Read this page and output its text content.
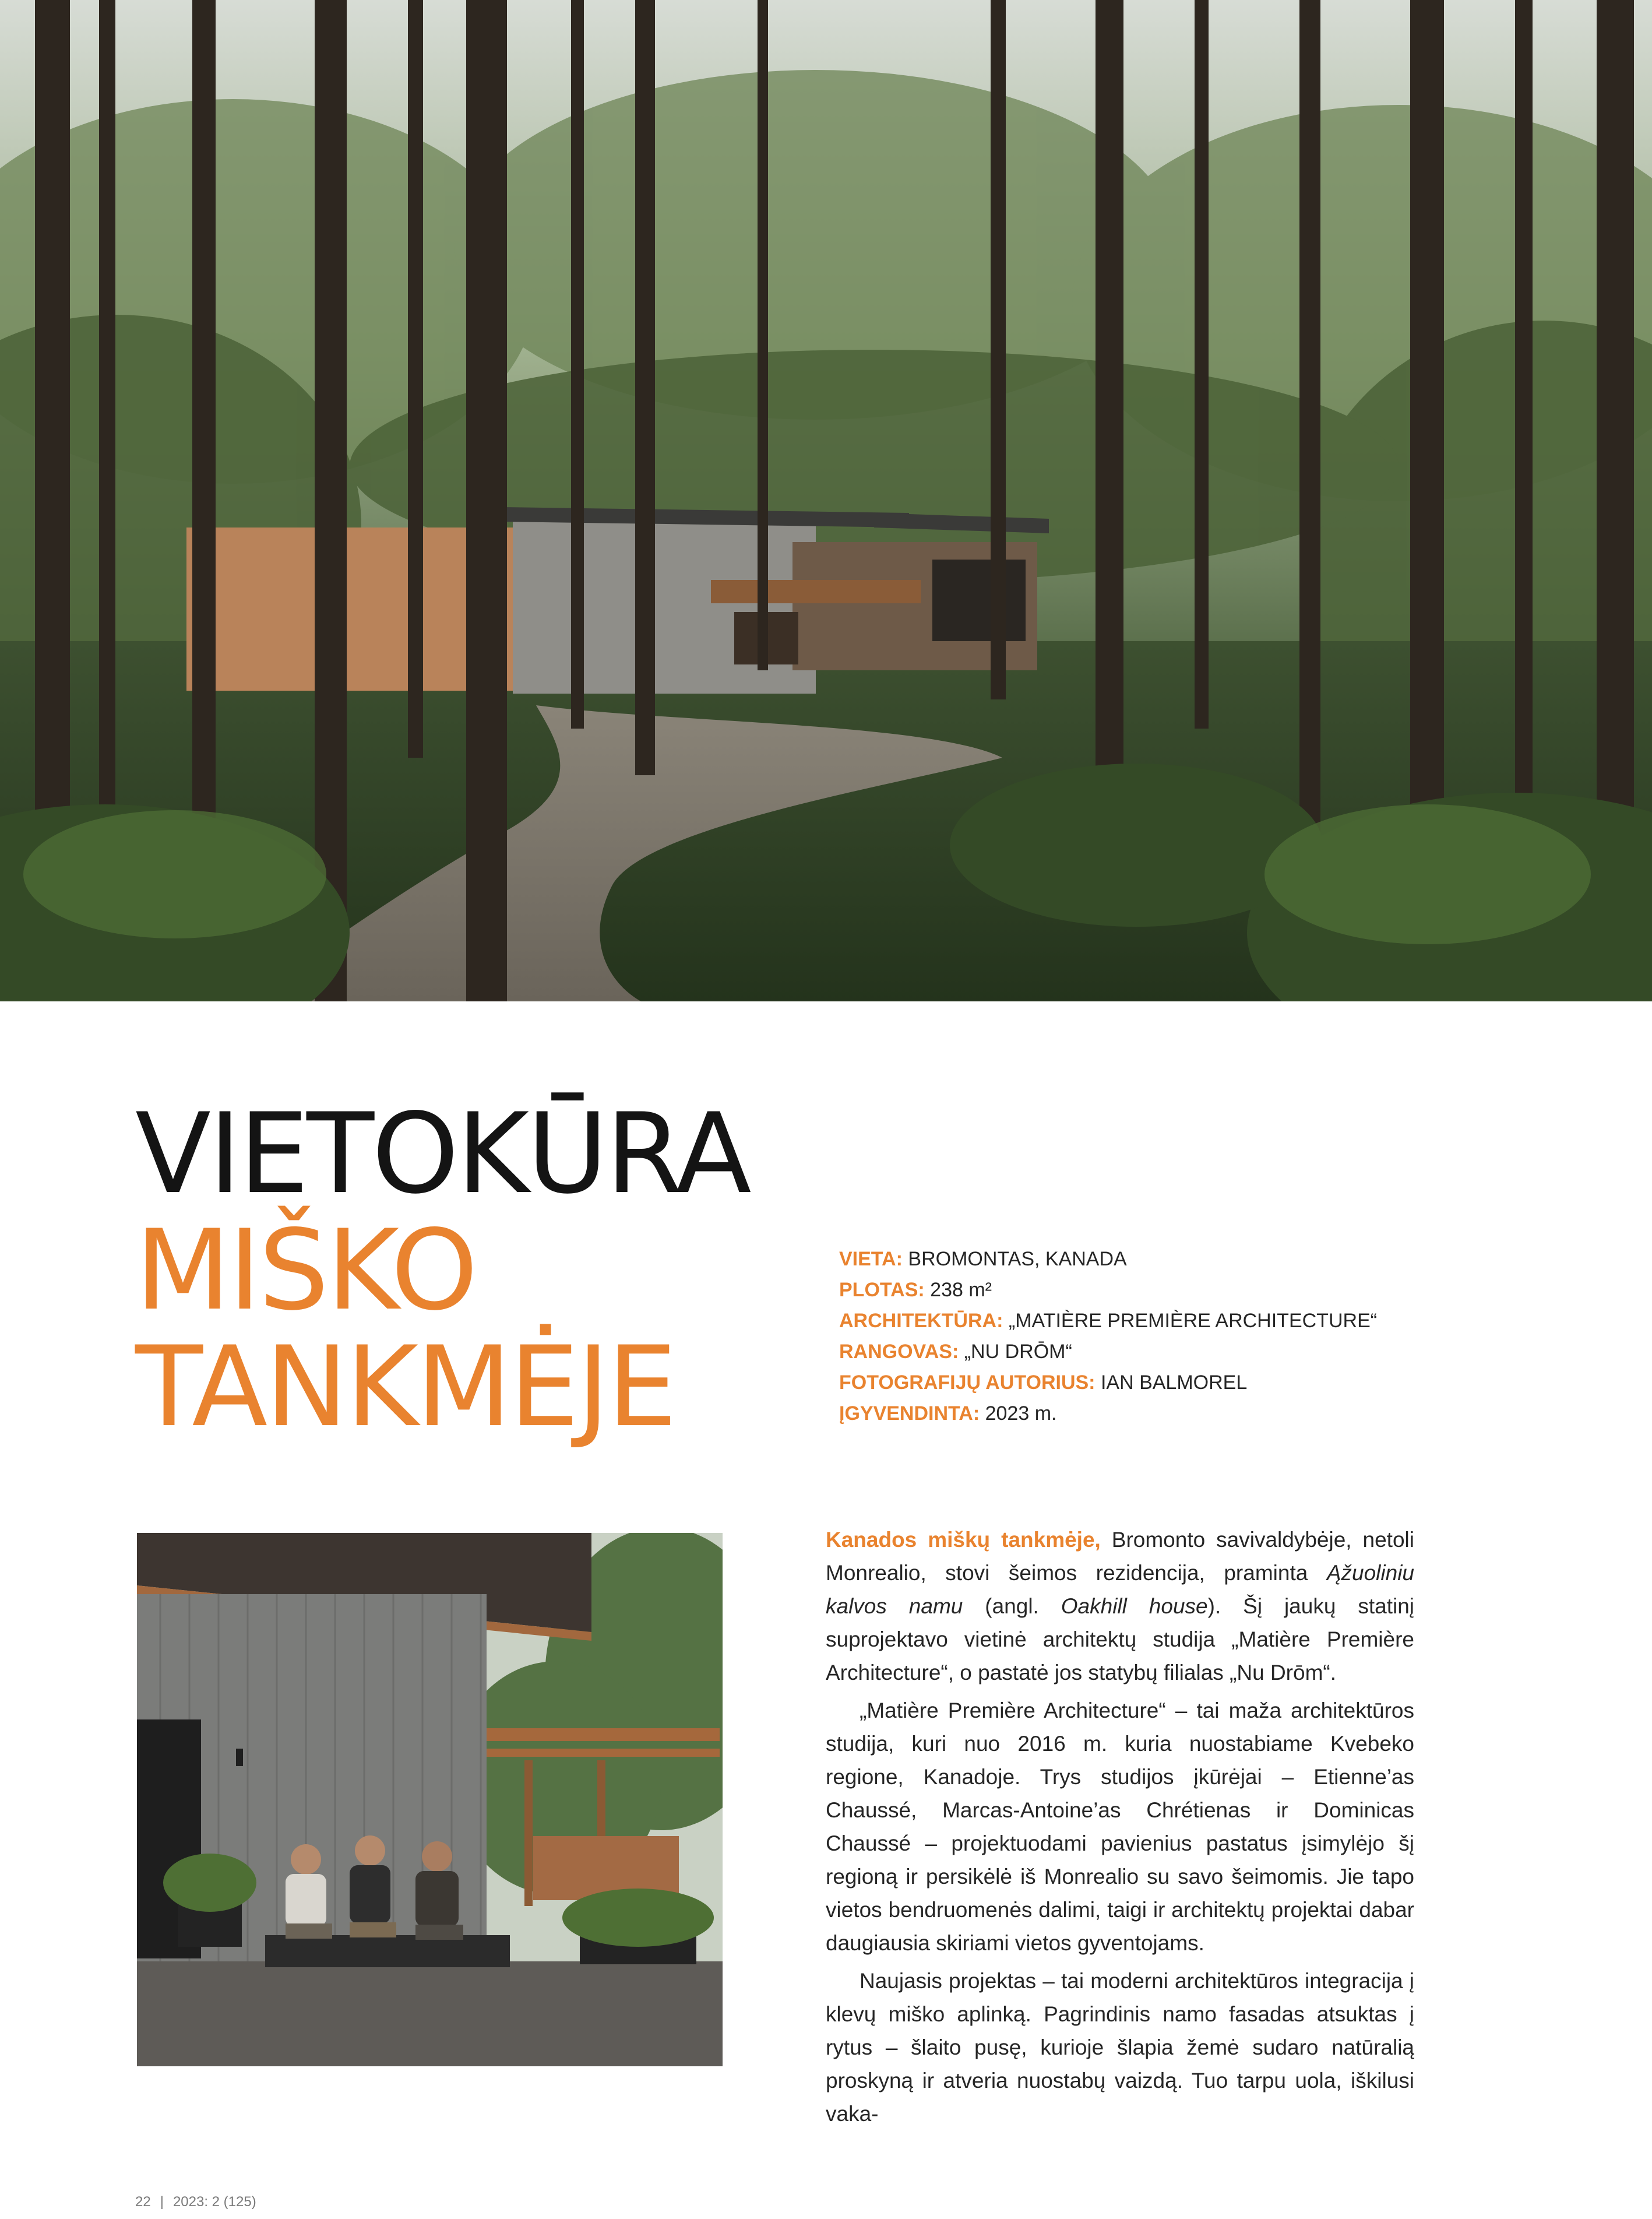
VIETOKŪRA
MIŠKO
TANKMĖJE
VIETA: BROMONTAS, KANADA
PLOTAS: 238 m²
ARCHITEKTŪRA: „MATIÈRE PREMIÈRE ARCHITECTURE“
RANGOVAS: „NU DRŌM“
FOTOGRAFIJŲ AUTORIUS: IAN BALMOREL
ĮGYVENDINTA: 2023 m.

Kanados miškų tankmėje, Bromonto savivaldybėje, netoli Monrealio, stovi šeimos rezidencija, praminta Ąžuoliniu kalvos namu (angl. Oakhill house). Šį jaukų statinį suprojektavo vietinė architektų studija „Matière Première Architecture“, o pastatė jos statybų filialas „Nu Drōm“.

„Matière Première Architecture“ – tai maža architektūros studija, kuri nuo 2016 m. kuria nuostabiame Kvebeko regione, Kanadoje. Trys studijos įkūrėjai – Etienne’as Chaussé, Marcas-Antoine’as Chrétienas ir Dominicas Chaussé – projektuodami pavienius pastatus įsimylėjo šį regioną ir persikėlė iš Monrealio su savo šeimomis. Jie tapo vietos bendruomenės dalimi, taigi ir architektų projektai dabar daugiausia skiriami vietos gyventojams.

Naujasis projektas – tai moderni architektūros integracija į klevų miško aplinką. Pagrindinis namo fasadas atsuktas į rytus – šlaito pusę, kurioje šlapia žemė sudaro natūralią proskyną ir atveria nuostabų vaizdą. Tuo tarpu uola, iškilusi vaka-

22 | 2023: 2 (125)
